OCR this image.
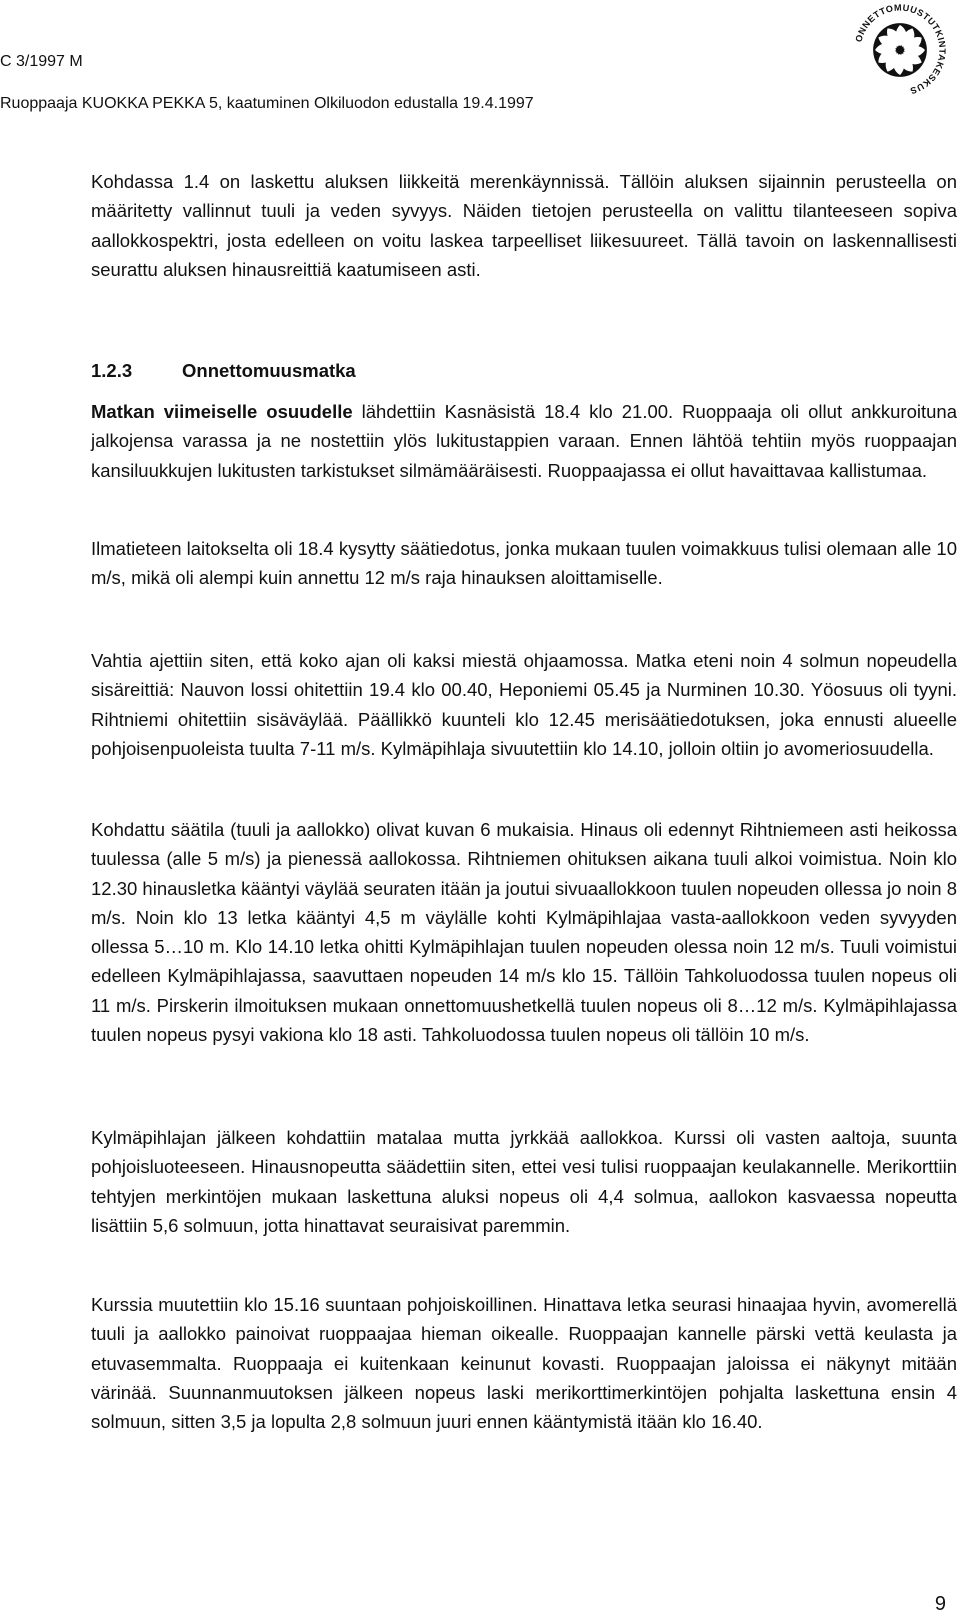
C 3/1997 M
Ruoppaaja KUOKKA PEKKA 5, kaatuminen Olkiluodon edustalla 19.4.1997
ONNETTOMUUSTUTKINTAKESKUS

Kohdassa 1.4 on laskettu aluksen liikkeitä merenkäynnissä. Tällöin aluksen sijainnin perusteella on määritetty vallinnut tuuli ja veden syvyys. Näiden tietojen perusteella on valittu tilanteeseen sopiva aallokkospektri, josta edelleen on voitu laskea tarpeelliset liikesuureet. Tällä tavoin on laskennallisesti seurattu aluksen hinausreittiä kaatumiseen asti.

1.2.3	Onnettomuusmatka

Matkan viimeiselle osuudelle lähdettiin Kasnäsistä 18.4 klo 21.00. Ruoppaaja oli ollut ankkuroituna jalkojensa varassa ja ne nostettiin ylös lukitustappien varaan. Ennen lähtöä tehtiin myös ruoppaajan kansiluukkujen lukitusten tarkistukset silmämääräisesti. Ruoppaajassa ei ollut havaittavaa kallistumaa.

Ilmatieteen laitokselta oli 18.4 kysytty säätiedotus, jonka mukaan tuulen voimakkuus tulisi olemaan alle 10 m/s, mikä oli alempi kuin annettu 12 m/s raja hinauksen aloittamiselle.

Vahtia ajettiin siten, että koko ajan oli kaksi miestä ohjaamossa. Matka eteni noin 4 solmun nopeudella sisäreittiä: Nauvon lossi ohitettiin 19.4 klo 00.40, Heponiemi 05.45 ja Nurminen 10.30. Yöosuus oli tyyni. Rihtniemi ohitettiin sisäväylää. Päällikkö kuunteli klo 12.45 merisäätiedotuksen, joka ennusti alueelle pohjoisenpuoleista tuulta 7-11 m/s. Kylmäpihlaja sivuutettiin klo 14.10, jolloin oltiin jo avomeriosuudella.

Kohdattu säätila (tuuli ja aallokko) olivat kuvan 6 mukaisia. Hinaus oli edennyt Rihtniemeen asti heikossa tuulessa (alle 5 m/s) ja pienessä aallokossa. Rihtniemen ohituksen aikana tuuli alkoi voimistua. Noin klo 12.30 hinausletka kääntyi väylää seuraten itään ja joutui sivuaallokkoon tuulen nopeuden ollessa jo noin 8 m/s. Noin klo 13 letka kääntyi 4,5 m väylälle kohti Kylmäpihlajaa vasta-aallokkoon veden syvyyden ollessa 5…10 m. Klo 14.10 letka ohitti Kylmäpihlajan tuulen nopeuden olessa noin 12 m/s. Tuuli voimistui edelleen Kylmäpihlajassa, saavuttaen nopeuden 14 m/s klo 15. Tällöin Tahkoluodossa tuulen nopeus oli 11 m/s. Pirskerin ilmoituksen mukaan onnettomuushetkellä tuulen nopeus oli 8…12 m/s. Kylmäpihlajassa tuulen nopeus pysyi vakiona klo 18 asti. Tahkoluodossa tuulen nopeus oli tällöin 10 m/s.

Kylmäpihlajan jälkeen kohdattiin matalaa mutta jyrkkää aallokkoa. Kurssi oli vasten aaltoja, suunta pohjoisluoteeseen. Hinausnopeutta säädettiin siten, ettei vesi tulisi ruoppaajan keulakannelle. Merikorttiin tehtyjen merkintöjen mukaan laskettuna aluksi nopeus oli 4,4 solmua, aallokon kasvaessa nopeutta lisättiin 5,6 solmuun, jotta hinattavat seuraisivat paremmin.

Kurssia muutettiin klo 15.16 suuntaan pohjoiskoillinen. Hinattava letka seurasi hinaajaa hyvin, avomerellä tuuli ja aallokko painoivat ruoppaajaa hieman oikealle. Ruoppaajan kannelle pärski vettä keulasta ja etuvasemmalta. Ruoppaaja ei kuitenkaan keinunut kovasti. Ruoppaajan jaloissa ei näkynyt mitään värinää. Suunnanmuutoksen jälkeen nopeus laski merikorttimerkintöjen pohjalta laskettuna ensin 4 solmuun, sitten 3,5 ja lopulta 2,8 solmuun juuri ennen kääntymistä itään klo 16.40.

9
